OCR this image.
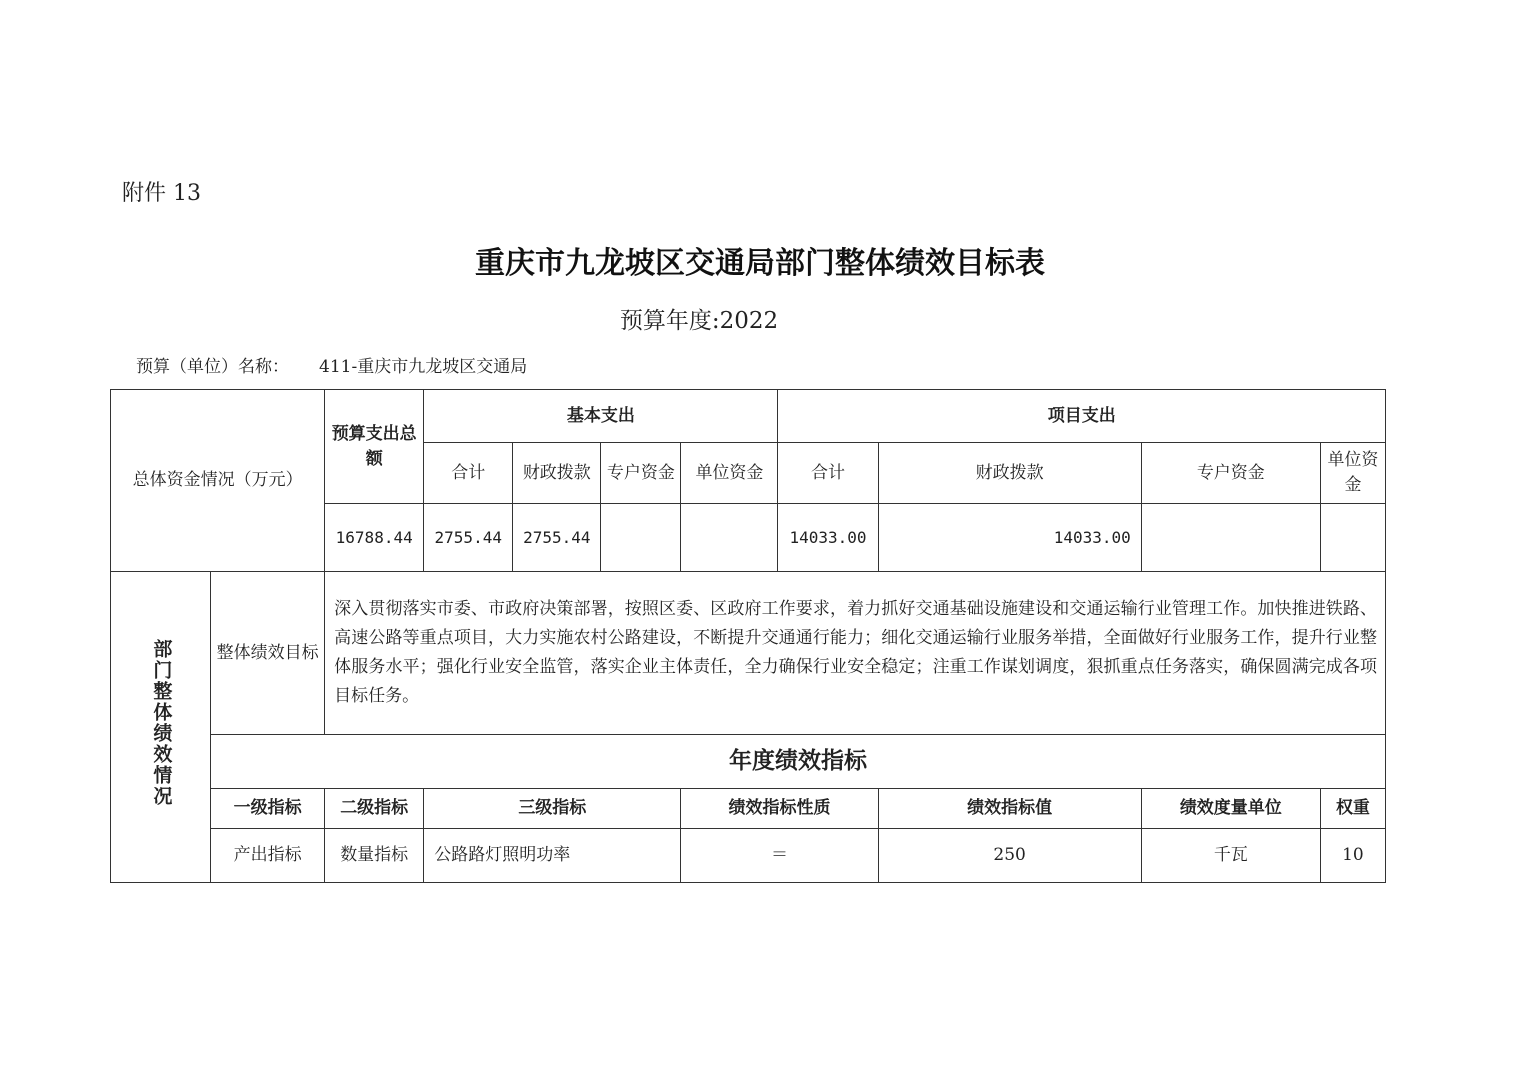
附件 13
重庆市九龙坡区交通局部门整体绩效目标表
预算年度:2022
预算（单位）名称： 411-重庆市九龙坡区交通局
总体资金情况（万元）		预算支出总额	基本支出				项目支出			
			合计	财政拨款	专户资金	单位资金	合计	财政拨款	专户资金	单位资金
		16788.44	2755.44	2755.44			14033.00	14033.00		
部门整体绩效情况	整体绩效目标	深入贯彻落实市委、市政府决策部署，按照区委、区政府工作要求，着力抓好交通基础设施建设和交通运输行业管理工作。加快推进铁路、高速公路等重点项目，大力实施农村公路建设，不断提升交通通行能力；细化交通运输行业服务举措，全面做好行业服务工作，提升行业整体服务水平；强化行业安全监管，落实企业主体责任，全力确保行业安全稳定；注重工作谋划调度，狠抓重点任务落实，确保圆满完成各项目标任务。								
	年度绩效指标									
	一级指标	二级指标	三级指标			绩效指标性质		绩效指标值	绩效度量单位	权重
	产出指标	数量指标	公路路灯照明功率			＝		250	千瓦	10
